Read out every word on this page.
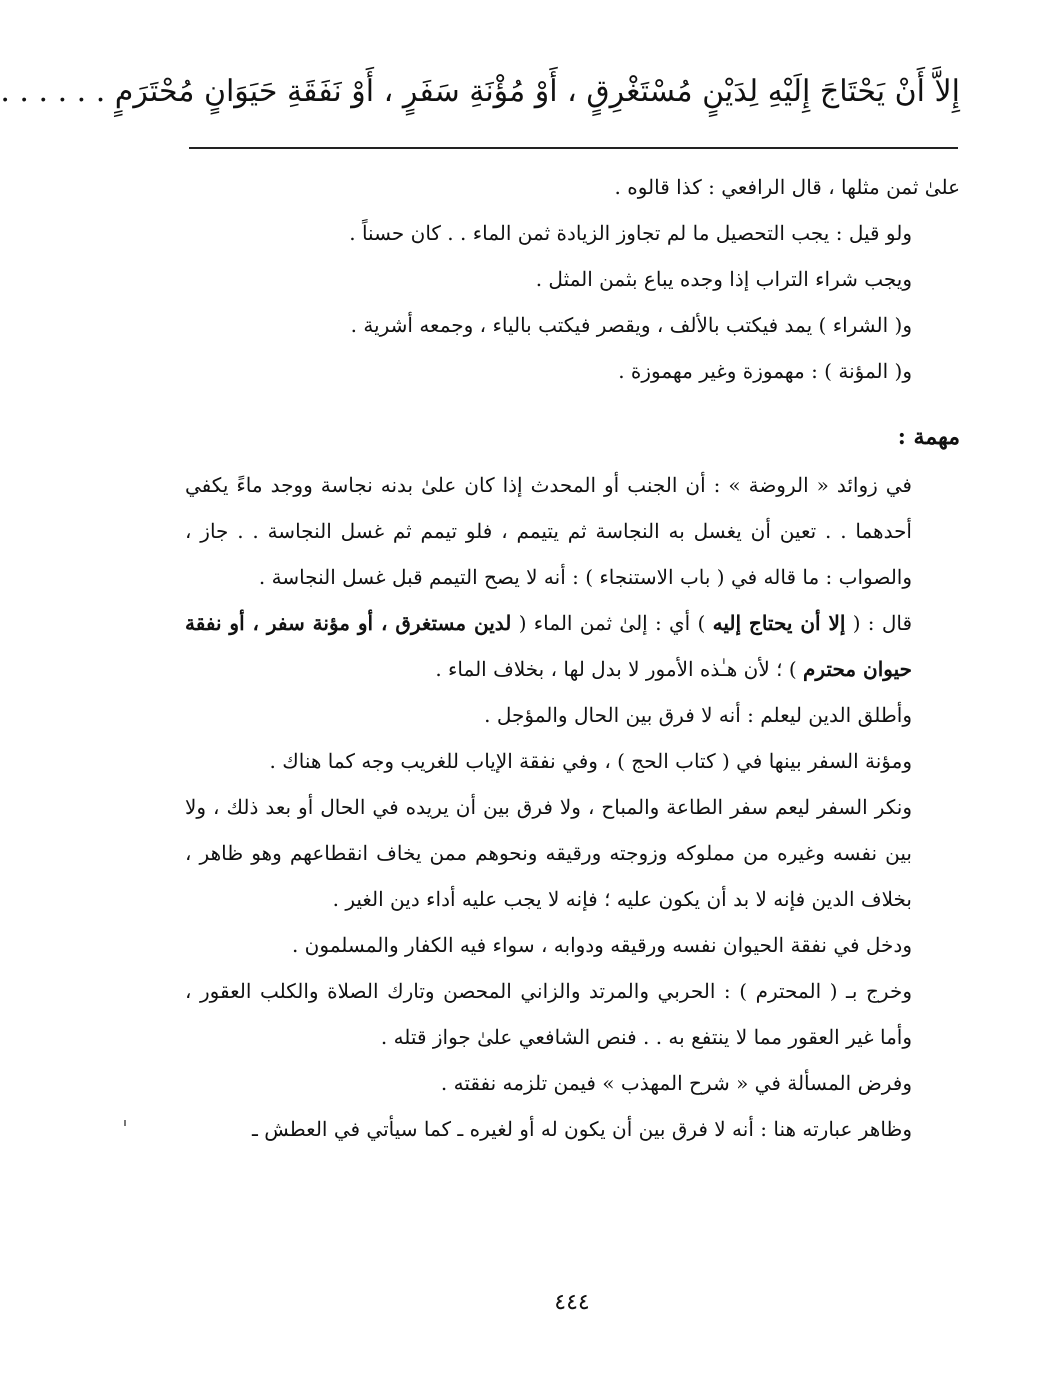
إِلاَّ أَنْ يَحْتَاجَ إِلَيْهِ لِدَيْنٍ مُسْتَغْرِقٍ ، أَوْ مُؤْنَةِ سَفَرٍ ، أَوْ نَفَقَةِ حَيَوَانٍ مُحْتَرَمٍ . . . . . .

علىٰ ثمن مثلها ، قال الرافعي : كذا قالوه .

ولو قيل : يجب التحصيل ما لم تجاوز الزيادة ثمن الماء . . كان حسناً .

ويجب شراء التراب إذا وجده يباع بثمن المثل .

و( الشراء ) يمد فيكتب بالألف ، ويقصر فيكتب بالياء ، وجمعه أشرية .

و( المؤنة ) : مهموزة وغير مهموزة .

مهمة :

في زوائد « الروضة » : أن الجنب أو المحدث إذا كان علىٰ بدنه نجاسة ووجد ماءً يكفي أحدهما . . تعين أن يغسل به النجاسة ثم يتيمم ، فلو تيمم ثم غسل النجاسة . . جاز ، والصواب : ما قاله في ( باب الاستنجاء ) : أنه لا يصح التيمم قبل غسل النجاسة .

قال : ( إلا أن يحتاج إليه ) أي : إلىٰ ثمن الماء ( لدين مستغرق ، أو مؤنة سفر ، أو نفقة حيوان محترم ) ؛ لأن هـٰذه الأمور لا بدل لها ، بخلاف الماء .

وأطلق الدين ليعلم : أنه لا فرق بين الحال والمؤجل .

ومؤنة السفر بينها في ( كتاب الحج ) ، وفي نفقة الإياب للغريب وجه كما هناك .

ونكر السفر ليعم سفر الطاعة والمباح ، ولا فرق بين أن يريده في الحال أو بعد ذلك ، ولا بين نفسه وغيره من مملوكه وزوجته ورقيقه ونحوهم ممن يخاف انقطاعهم وهو ظاهر ، بخلاف الدين فإنه لا بد أن يكون عليه ؛ فإنه لا يجب عليه أداء دين الغير .

ودخل في نفقة الحيوان نفسه ورقيقه ودوابه ، سواء فيه الكفار والمسلمون .

وخرج بـ ( المحترم ) : الحربي والمرتد والزاني المحصن وتارك الصلاة والكلب العقور ، وأما غير العقور مما لا ينتفع به . . فنص الشافعي علىٰ جواز قتله .

وفرض المسألة في « شرح المهذب » فيمن تلزمه نفقته .

وظاهر عبارته هنا : أنه لا فرق بين أن يكون له أو لغيره ـ كما سيأتي في العطش ـ

٤٤٤
